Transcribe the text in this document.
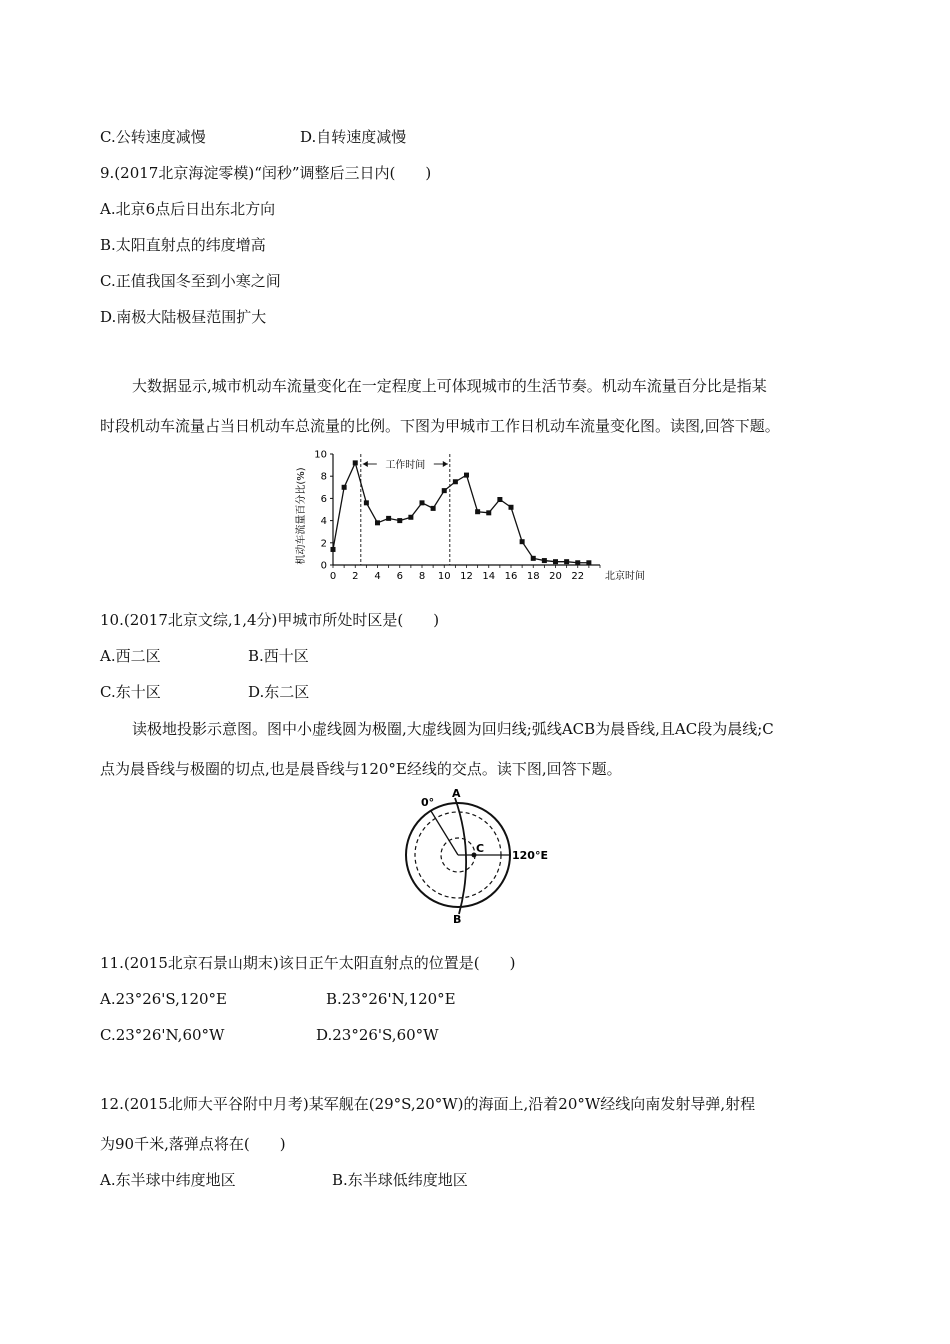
C.公转速度减慢	D.自转速度减慢
9.(2017北京海淀零模)“闰秒”调整后三日内(　　)
A.北京6点后日出东北方向
B.太阳直射点的纬度增高
C.正值我国冬至到小寒之间
D.南极大陆极昼范围扩大
大数据显示,城市机动车流量变化在一定程度上可体现城市的生活节奏。机动车流量百分比是指某
时段机动车流量占当日机动车总流量的比例。下图为甲城市工作日机动车流量变化图。读图,回答下题。
机动车流量百分比(%)
0
2
4
6
8
10
0 2 4 6 8 10 12 14 16 18 20 22 北京时间
工作时间
10.(2017北京文综,1,4分)甲城市所处时区是(　　)
A.西二区	B.西十区
C.东十区	D.东二区
读极地投影示意图。图中小虚线圆为极圈,大虚线圆为回归线;弧线ACB为晨昏线,且AC段为晨线;C
点为晨昏线与极圈的切点,也是晨昏线与120°E经线的交点。读下图,回答下题。
0°
A
B
C
120°E
11.(2015北京石景山期末)该日正午太阳直射点的位置是(　　)
A.23°26'S,120°E	B.23°26'N,120°E
C.23°26'N,60°W	D.23°26'S,60°W
12.(2015北师大平谷附中月考)某军舰在(29°S,20°W)的海面上,沿着20°W经线向南发射导弹,射程
为90千米,落弹点将在(　　)
A.东半球中纬度地区	B.东半球低纬度地区
